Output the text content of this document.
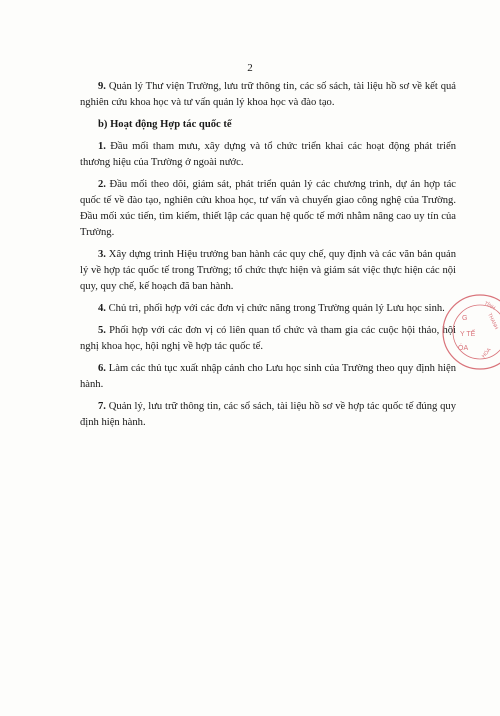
2

9. Quản lý Thư viện Trường, lưu trữ thông tin, các số sách, tài liệu hồ sơ về kết quả nghiên cứu khoa học và tư vấn quản lý khoa học và đào tạo.

b) Hoạt động Hợp tác quốc tế

1. Đầu mối tham mưu, xây dựng và tổ chức triển khai các hoạt động phát triển thương hiệu của Trường ở ngoài nước.

2. Đầu mối theo dõi, giám sát, phát triển quản lý các chương trình, dự án hợp tác quốc tế về đào tạo, nghiên cứu khoa học, tư vấn và chuyển giao công nghệ của Trường. Đầu mối xúc tiến, tìm kiếm, thiết lập các quan hệ quốc tế mới nhằm nâng cao uy tín của Trường.

3. Xây dựng trình Hiệu trưởng ban hành các quy chế, quy định và các văn bản quản lý về hợp tác quốc tế trong Trường; tổ chức thực hiện và giám sát việc thực hiện các nội quy, quy chế, kế hoạch đã ban hành.

4. Chủ trì, phối hợp với các đơn vị chức năng trong Trường quản lý Lưu học sinh.

5. Phối hợp với các đơn vị có liên quan tổ chức và tham gia các cuộc hội thảo, hội nghị khoa học, hội nghị về hợp tác quốc tế.

6. Làm các thủ tục xuất nhập cảnh cho Lưu học sinh của Trường theo quy định hiện hành.

7. Quản lý, lưu trữ thông tin, các sổ sách, tài liệu hồ sơ về hợp tác quốc tế đúng quy định hiện hành.

G
Y TẾ
ÓA
TỈNH
THANH
HÓA
